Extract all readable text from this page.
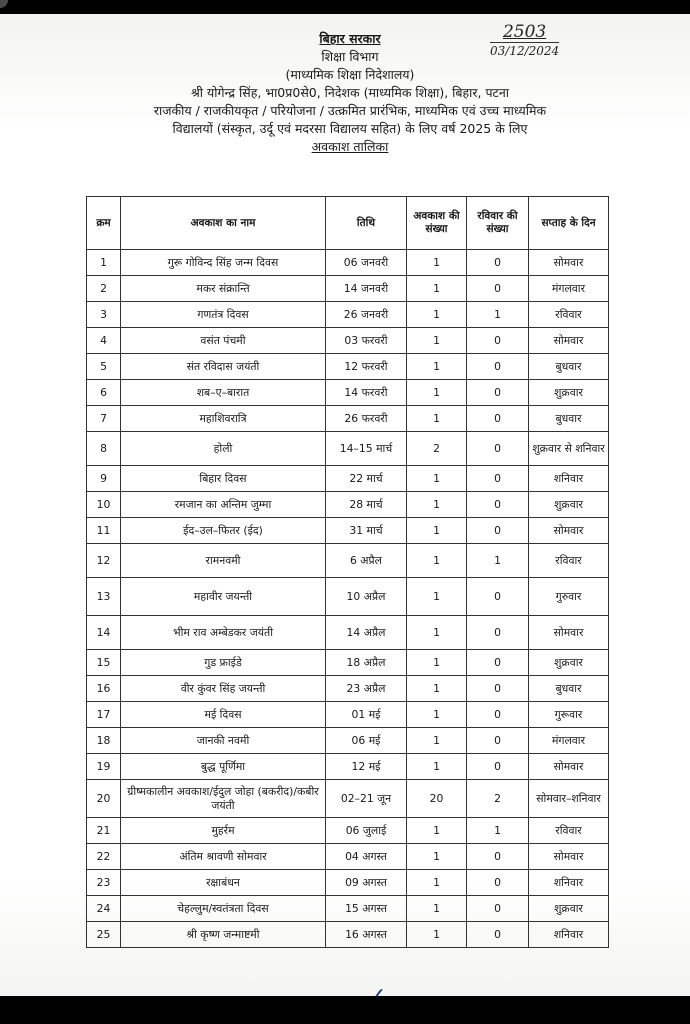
2503
03/12/2024
बिहार सरकार
शिक्षा विभाग
(माध्यमिक शिक्षा निदेशालय)
श्री योगेन्द्र सिंह, भा0प्र0से0, निदेशक (माध्यमिक शिक्षा), बिहार, पटना
राजकीय / राजकीयकृत / परियोजना / उत्क्रमित प्रारंभिक, माध्यमिक एवं उच्च माध्यमिक
विद्यालयों (संस्कृत, उर्दू एवं मदरसा विद्यालय सहित) के लिए वर्ष 2025 के लिए
अवकाश तालिका
क्रम	अवकाश का नाम	तिथि	अवकाश की संख्या	रविवार की संख्या	सप्ताह के दिन
1	गुरू गोविन्द सिंह जन्म दिवस	06 जनवरी	1	0	सोमवार
2	मकर संक्रान्ति	14 जनवरी	1	0	मंगलवार
3	गणतंत्र दिवस	26 जनवरी	1	1	रविवार
4	वसंत पंचमी	03 फरवरी	1	0	सोमवार
5	संत रविदास जयंती	12 फरवरी	1	0	बुधवार
6	शब–ए–बारात	14 फरवरी	1	0	शुक्रवार
7	महाशिवरात्रि	26 फरवरी	1	0	बुधवार
8	होली	14–15 मार्च	2	0	शुक्रवार से शनिवार
9	बिहार दिवस	22 मार्च	1	0	शनिवार
10	रमजान का अन्तिम जुम्मा	28 मार्च	1	0	शुक्रवार
11	ईद–उल–फितर (ईद)	31 मार्च	1	0	सोमवार
12	रामनवमी	6 अप्रैल	1	1	रविवार
13	महावीर जयन्ती	10 अप्रैल	1	0	गुरुवार
14	भीम राव अम्बेडकर जयंती	14 अप्रैल	1	0	सोमवार
15	गुड फ्राईडे	18 अप्रैल	1	0	शुक्रवार
16	वीर कुंवर सिंह जयन्ती	23 अप्रैल	1	0	बुधवार
17	मई दिवस	01 मई	1	0	गुरूवार
18	जानकी नवमी	06 मई	1	0	मंगलवार
19	बुद्ध पूर्णिमा	12 मई	1	0	सोमवार
20	ग्रीष्मकालीन अवकाश/ईदुल जोहा (बकरीद)/कबीर जयंती	02–21 जून	20	2	सोमवार–शनिवार
21	मुहर्रम	06 जुलाई	1	1	रविवार
22	अंतिम श्रावणी सोमवार	04 अगस्त	1	0	सोमवार
23	रक्षाबंधन	09 अगस्त	1	0	शनिवार
24	चेहल्लुम/स्वतंत्रता दिवस	15 अगस्त	1	0	शुक्रवार
25	श्री कृष्ण जन्माष्टमी	16 अगस्त	1	0	शनिवार
